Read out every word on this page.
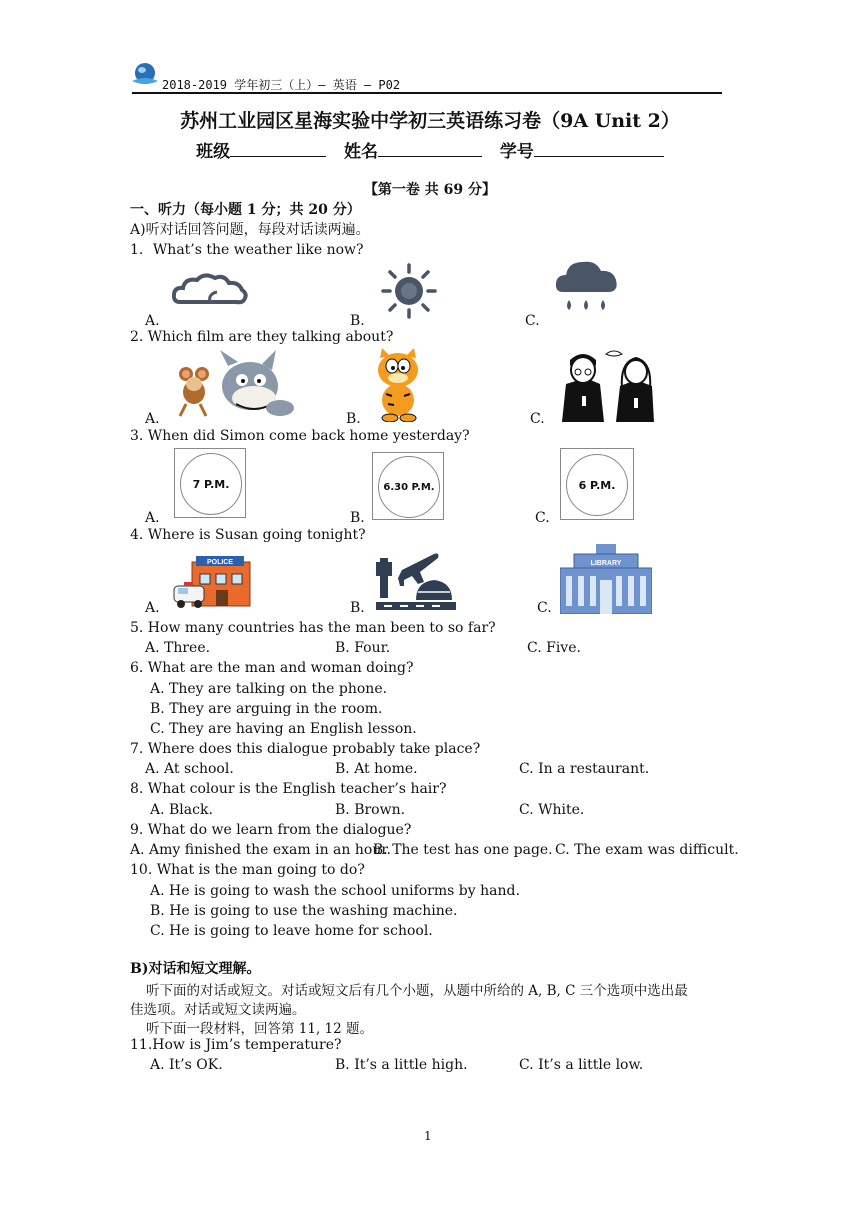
2018-2019 学年初三（上）— 英语 — P02
苏州工业园区星海实验中学初三英语练习卷（9A Unit 2）
班级	姓名	学号
【第一卷 共 69 分】
一、听力（每小题 1 分；共 20 分）
A)听对话回答问题，每段对话读两遍。
1．What’s the weather like now?
A.	B.	C.
2. Which film are they talking about?
A.	B.	C.
3. When did Simon come back home yesterday?
7 P.M.	6.30 P.M.	6 P.M.
A.	B.	C.
4. Where is Susan going tonight?
POLICE	LIBRARY
A.	B.	C.
5. How many countries has the man been to so far?
A. Three.	B. Four.	C. Five.
6. What are the man and woman doing?
A. They are talking on the phone.
B. They are arguing in the room.
C. They are having an English lesson.
7. Where does this dialogue probably take place?
A. At school.	B. At home.	C. In a restaurant.
8. What colour is the English teacher’s hair?
A. Black.	B. Brown.	C. White.
9. What do we learn from the dialogue?
A. Amy finished the exam in an hour.
B. The test has one page. C. The exam was difficult.
10. What is the man going to do?
A. He is going to wash the school uniforms by hand.
B. He is going to use the washing machine.
C. He is going to leave home for school.
B)对话和短文理解。
听下面的对话或短文。对话或短文后有几个小题，从题中所给的 A, B, C 三个选项中选出最
佳选项。对话或短文读两遍。
听下面一段材料，回答第 11, 12 题。
11.How is Jim’s temperature?
A. It’s OK.	B. It’s a little high.	C. It’s a little low.
1
